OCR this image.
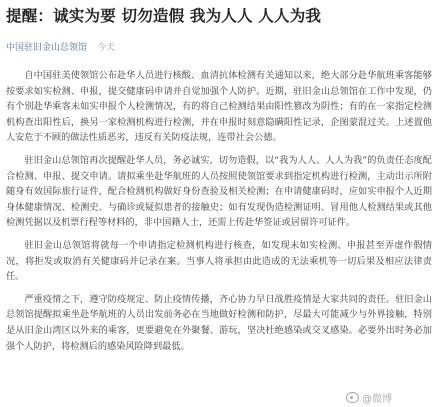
提醒：诚实为要 切勿造假 我为人人 人人为我
中国驻旧金山总领馆 今天

自中国驻美使领馆公布赴华人员进行核酸、血清抗体检测有关通知以来，绝大部分赴华航班乘客能够按要求如实检测、申报，提交健康码申请并自觉加强个人防护。近期，驻旧金山总领馆在工作中发现，仍有个别赴华乘客未如实申报个人检测情况，有的将自己检测结果由阳性篡改为阴性；有的在一家指定检测机构查出阳性后，换另一家检测机构进行检测，并在申报时刻意隐瞒阳性记录，企图蒙混过关。上述置他人安危于不顾的做法性质恶劣，违反有关防疫法规，连带社会公德。

驻旧金山总领馆再次提醒赴华人员，务必诚实，切勿造假，以“我为人人、人人为我”的负责任态度配合检测、申报、提交申请。请拟乘坐赴华航班的人员按照使领馆要求到指定机构进行检测，主动出示所附随身有效国际旅行证件，配合检测机构做好身份查验及相关检测；在申请健康码时，应如实申报个人近期身体健康情况、检测史、与确诊或疑似患者的接触史；如有发现伪造检测证明、冒用他人检测结果或其他检测凭据以及机票行程等材料的，非中国籍人士，还需上传赴华签证或居留许可证件。

驻旧金山总领馆将就每一个申请指定检测机构进行核查，如发现未如实检测、申报甚至弄虚作假情况，将拒发或取消有关健康码并记录在案。当事人将承担由此造成的无法乘机等一切后果及相应法律责任。

严重疫情之下，遵守防疫规定、防止疫情传播，齐心协力早日战胜疫情是大家共同的责任。驻旧金山总领馆提醒拟乘坐赴华航班的人员出发前务必在当地做好检测和防护，尽最大可能减少与外界接触，特别是从旧金山湾区以外来的乘客，更要避免在外聚餐、游玩，坚决杜绝感染或交叉感染。必要外出时务必加强个人防护，将检测后的感染风险降到最低。

@微博
